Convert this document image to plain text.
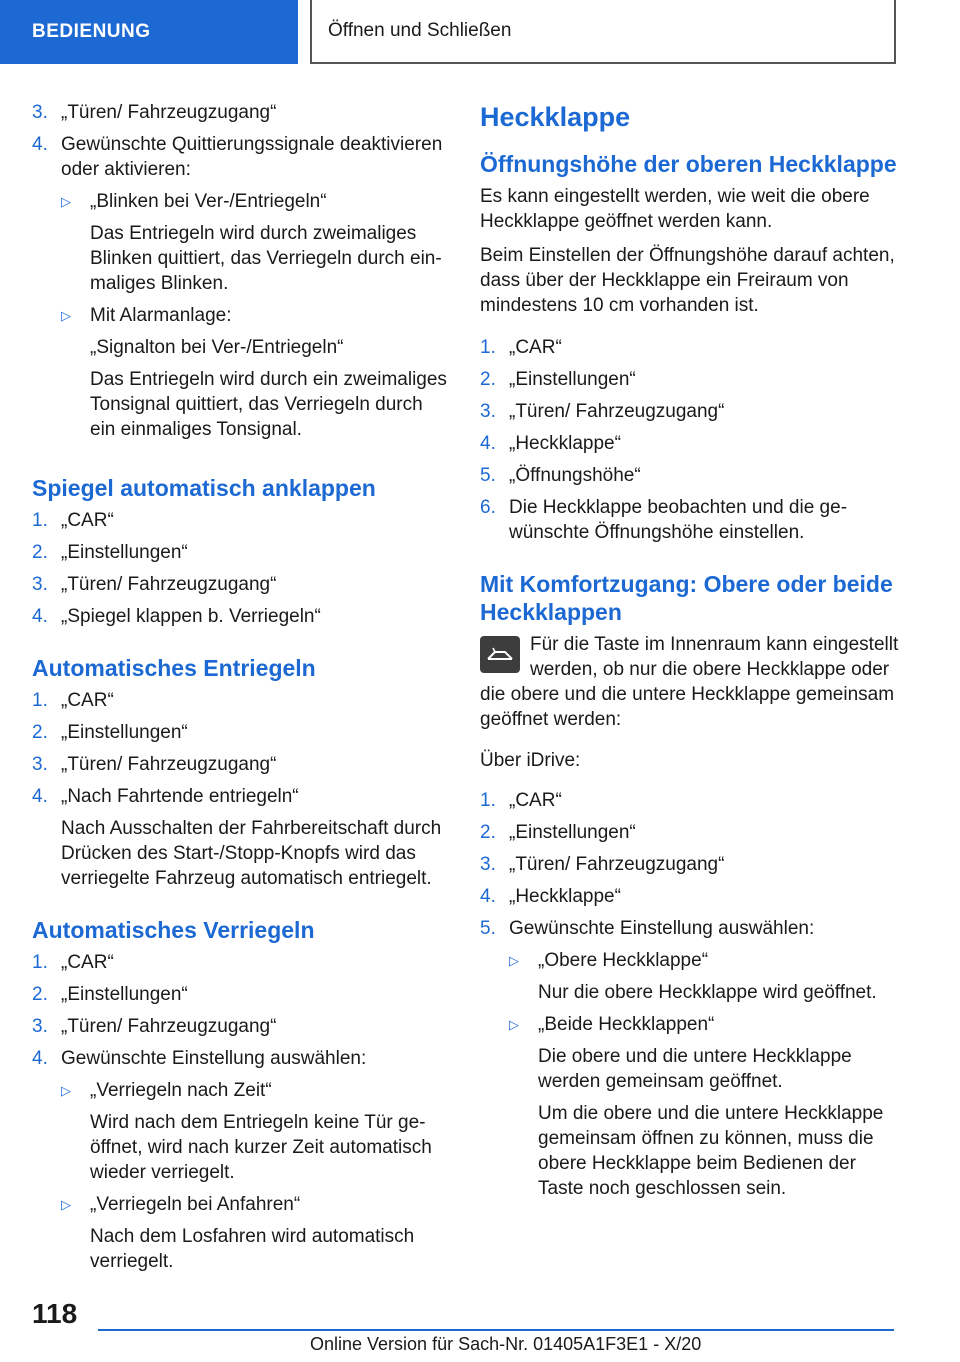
BEDIENUNG	Öffnen und Schließen
3. „Türen/ Fahrzeugzugang“

4. Gewünschte Quittierungssignale deaktivieren oder aktivieren:

▷	„Blinken bei Ver-/Entriegeln“

Das Entriegeln wird durch zweimaliges Blinken quittiert, das Verriegeln durch einmaliges Blinken.

▷	Mit Alarmanlage:

„Signalton bei Ver-/Entriegeln“

Das Entriegeln wird durch ein zweimaliges Tonsignal quittiert, das Verriegeln durch ein einmaliges Tonsignal.

Spiegel automatisch anklappen
1. „CAR“

2. „Einstellungen“

3. „Türen/ Fahrzeugzugang“

4. „Spiegel klappen b. Verriegeln“

Automatisches Entriegeln
1. „CAR“

2. „Einstellungen“

3. „Türen/ Fahrzeugzugang“

4. „Nach Fahrtende entriegeln“

Nach Ausschalten der Fahrbereitschaft durch Drücken des Start-/Stopp-Knopfs wird das verriegelte Fahrzeug automatisch entriegelt.

Automatisches Verriegeln
1. „CAR“

2. „Einstellungen“

3. „Türen/ Fahrzeugzugang“

4. Gewünschte Einstellung auswählen:

▷	„Verriegeln nach Zeit“

Wird nach dem Entriegeln keine Tür geöffnet, wird nach kurzer Zeit automatisch wieder verriegelt.

▷	„Verriegeln bei Anfahren“

Nach dem Losfahren wird automatisch verriegelt.

Heckklappe
Öffnungshöhe der oberen Heckklappe

Es kann eingestellt werden, wie weit die obere Heckklappe geöffnet werden kann.

Beim Einstellen der Öffnungshöhe darauf achten, dass über der Heckklappe ein Freiraum von mindestens 10 cm vorhanden ist.

1. „CAR“

2. „Einstellungen“

3. „Türen/ Fahrzeugzugang“

4. „Heckklappe“

5. „Öffnungshöhe“

6. Die Heckklappe beobachten und die gewünschte Öffnungshöhe einstellen.

Mit Komfortzugang: Obere oder beide Heckklappen
Für die Taste im Innenraum kann eingestellt werden, ob nur die obere Heckklappe oder die obere und die untere Heckklappe gemeinsam geöffnet werden:

Über iDrive:

1. „CAR“

2. „Einstellungen“

3. „Türen/ Fahrzeugzugang“

4. „Heckklappe“

5. Gewünschte Einstellung auswählen:

▷	„Obere Heckklappe“

Nur die obere Heckklappe wird geöffnet.

▷	„Beide Heckklappen“

Die obere und die untere Heckklappe werden gemeinsam geöffnet.

Um die obere und die untere Heckklappe gemeinsam öffnen zu können, muss die obere Heckklappe beim Bedienen der Taste noch geschlossen sein.

118
Online Version für Sach-Nr. 01405A1F3E1 - X/20
